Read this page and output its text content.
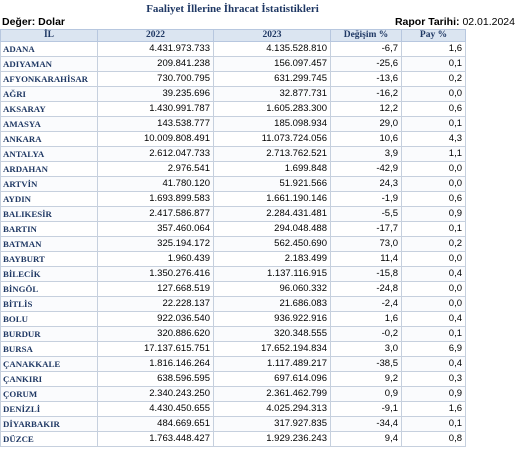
Faaliyet İllerine İhracat İstatistikleri
Değer: Dolar	Rapor Tarihi: 02.01.2024
İL	2022	2023	Değişim %	Pay %
ADANA	4.431.973.733	4.135.528.810	-6,7	1,6
ADIYAMAN	209.841.238	156.097.457	-25,6	0,1
AFYONKARAHİSAR	730.700.795	631.299.745	-13,6	0,2
AĞRI	39.235.696	32.877.731	-16,2	0,0
AKSARAY	1.430.991.787	1.605.283.300	12,2	0,6
AMASYA	143.538.777	185.098.934	29,0	0,1
ANKARA	10.009.808.491	11.073.724.056	10,6	4,3
ANTALYA	2.612.047.733	2.713.762.521	3,9	1,1
ARDAHAN	2.976.541	1.699.848	-42,9	0,0
ARTVİN	41.780.120	51.921.566	24,3	0,0
AYDIN	1.693.899.583	1.661.190.146	-1,9	0,6
BALIKESİR	2.417.586.877	2.284.431.481	-5,5	0,9
BARTIN	357.460.064	294.048.488	-17,7	0,1
BATMAN	325.194.172	562.450.690	73,0	0,2
BAYBURT	1.960.439	2.183.499	11,4	0,0
BİLECİK	1.350.276.416	1.137.116.915	-15,8	0,4
BİNGÖL	127.668.519	96.060.332	-24,8	0,0
BİTLİS	22.228.137	21.686.083	-2,4	0,0
BOLU	922.036.540	936.922.916	1,6	0,4
BURDUR	320.886.620	320.348.555	-0,2	0,1
BURSA	17.137.615.751	17.652.194.834	3,0	6,9
ÇANAKKALE	1.816.146.264	1.117.489.217	-38,5	0,4
ÇANKIRI	638.596.595	697.614.096	9,2	0,3
ÇORUM	2.340.243.250	2.361.462.799	0,9	0,9
DENİZLİ	4.430.450.655	4.025.294.313	-9,1	1,6
DİYARBAKIR	484.669.651	317.927.835	-34,4	0,1
DÜZCE	1.763.448.427	1.929.236.243	9,4	0,8
